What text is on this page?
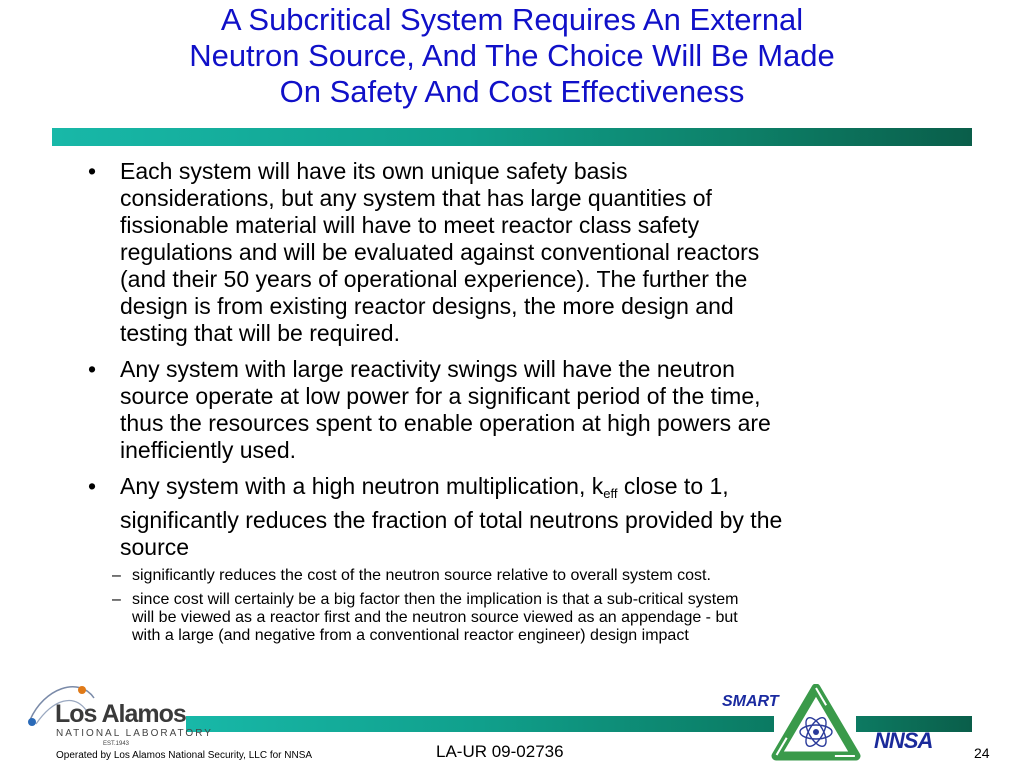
A Subcritical System Requires An External
Neutron Source, And The Choice Will Be Made
On Safety And Cost Effectiveness
• Each system will have its own unique safety basis
considerations, but any system that has large quantities of
fissionable material will have to meet reactor class safety
regulations and will be evaluated against conventional reactors
(and their 50 years of operational experience). The further the
design is from existing reactor designs, the more design and
testing that will be required.
• Any system with large reactivity swings will have the neutron
source operate at low power for a significant period of the time,
thus the resources spent to enable operation at high powers are
inefficiently used.
• Any system with a high neutron multiplication, $k_{eff}$ close to 1,
significantly reduces the fraction of total neutrons provided by the
source
– significantly reduces the cost of the neutron source relative to overall system cost.
– since cost will certainly be a big factor then the implication is that a sub-critical system
will be viewed as a reactor first and the neutron source viewed as an appendage - but
with a large (and negative from a conventional reactor engineer) design impact
Los Alamos
NATIONAL LABORATORY
EST.1943
Operated by Los Alamos National Security, LLC for NNSA	LA-UR 09-02736
SMART
NNSA	24
